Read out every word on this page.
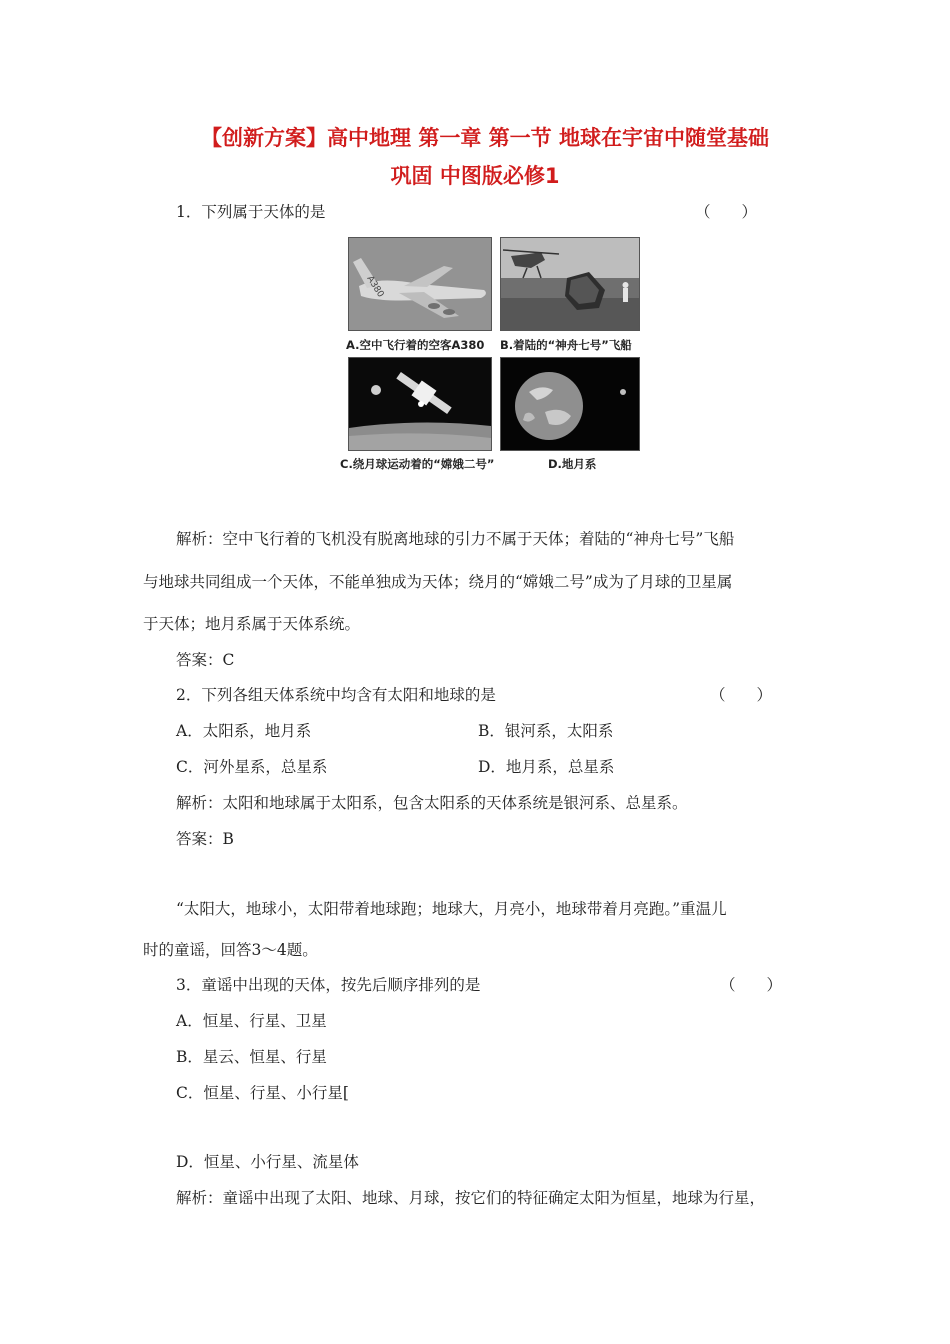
【创新方案】高中地理 第一章 第一节 地球在宇宙中随堂基础
巩固 中图版必修1
1．下列属于天体的是	（　　）
A380
A.空中飞行着的空客A380 B.着陆的“神舟七号”飞船
C.绕月球运动着的“嫦娥二号”	D.地月系
解析：空中飞行着的飞机没有脱离地球的引力不属于天体；着陆的“神舟七号”飞船
与地球共同组成一个天体，不能单独成为天体；绕月的“嫦娥二号”成为了月球的卫星属
于天体；地月系属于天体系统。
答案：C
2．下列各组天体系统中均含有太阳和地球的是	（　　）
A．太阳系，地月系	B．银河系，太阳系
C．河外星系，总星系	D．地月系，总星系
解析：太阳和地球属于太阳系，包含太阳系的天体系统是银河系、总星系。
答案：B
“太阳大，地球小，太阳带着地球跑；地球大，月亮小，地球带着月亮跑。”重温儿
时的童谣，回答3～4题。
3．童谣中出现的天体，按先后顺序排列的是	（　　）
A．恒星、行星、卫星
B．星云、恒星、行星
C．恒星、行星、小行星[
D．恒星、小行星、流星体
解析：童谣中出现了太阳、地球、月球，按它们的特征确定太阳为恒星，地球为行星，
